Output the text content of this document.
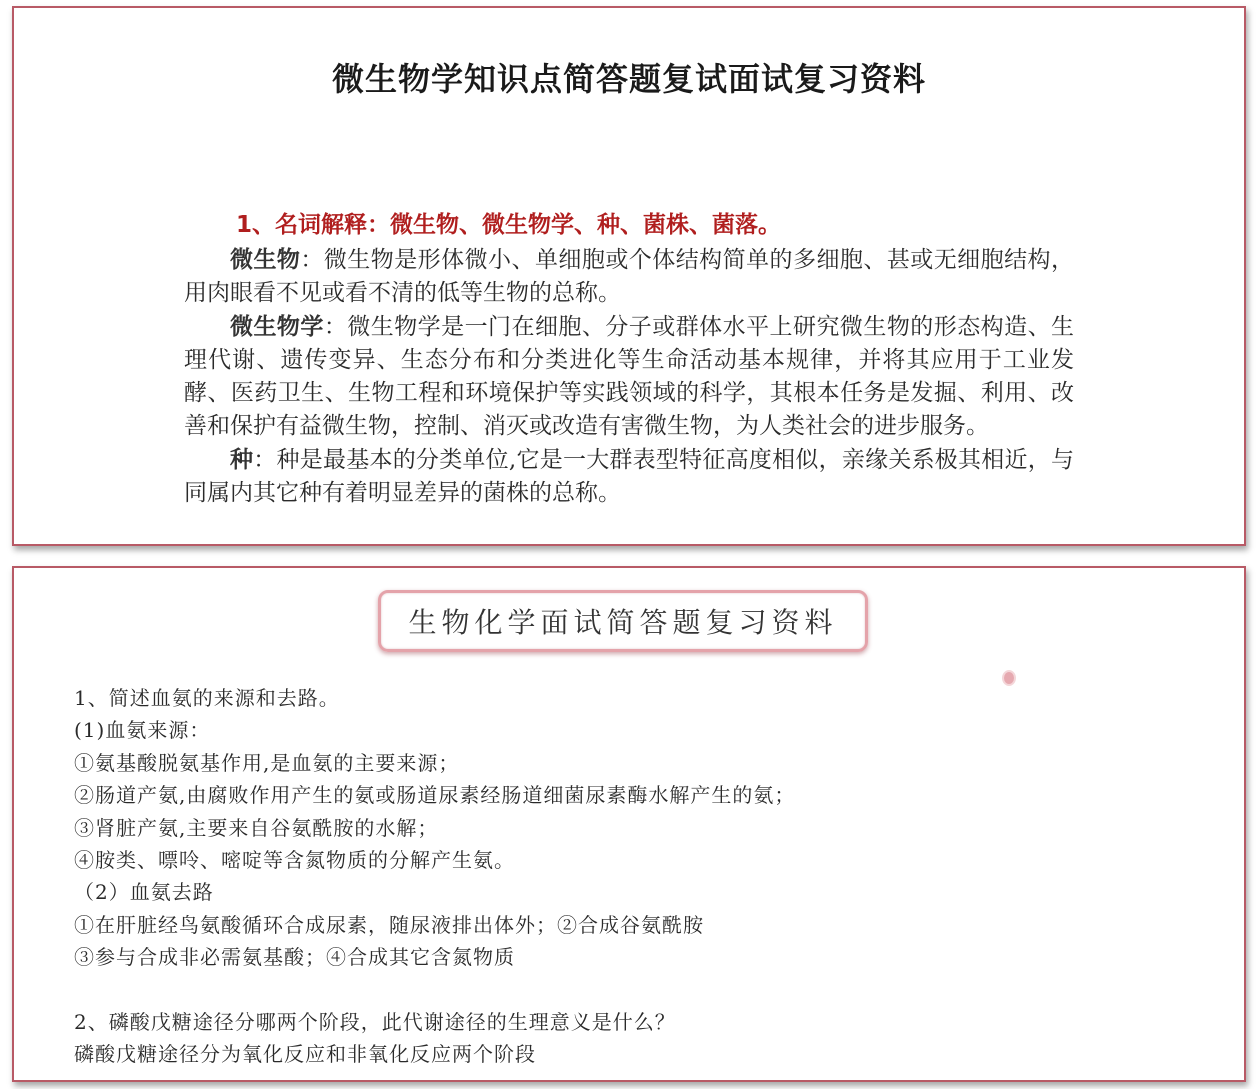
微生物学知识点简答题复试面试复习资料
1、名词解释：微生物、微生物学、种、菌株、菌落。

微生物：微生物是形体微小、单细胞或个体结构简单的多细胞、甚或无细胞结构，用肉眼看不见或看不清的低等生物的总称。

微生物学：微生物学是一门在细胞、分子或群体水平上研究微生物的形态构造、生理代谢、遗传变异、生态分布和分类进化等生命活动基本规律，并将其应用于工业发酵、医药卫生、生物工程和环境保护等实践领域的科学，其根本任务是发掘、利用、改善和保护有益微生物，控制、消灭或改造有害微生物，为人类社会的进步服务。

种：种是最基本的分类单位,它是一大群表型特征高度相似，亲缘关系极其相近，与同属内其它种有着明显差异的菌株的总称。

生物化学面试简答题复习资料
1、简述血氨的来源和去路。
(1)血氨来源：
①氨基酸脱氨基作用,是血氨的主要来源；
②肠道产氨,由腐败作用产生的氨或肠道尿素经肠道细菌尿素酶水解产生的氨；
③肾脏产氨,主要来自谷氨酰胺的水解；
④胺类、嘌呤、嘧啶等含氮物质的分解产生氨。
（2）血氨去路
①在肝脏经鸟氨酸循环合成尿素，随尿液排出体外；②合成谷氨酰胺
③参与合成非必需氨基酸；④合成其它含氮物质
2、磷酸戊糖途径分哪两个阶段，此代谢途径的生理意义是什么？
磷酸戊糖途径分为氧化反应和非氧化反应两个阶段
